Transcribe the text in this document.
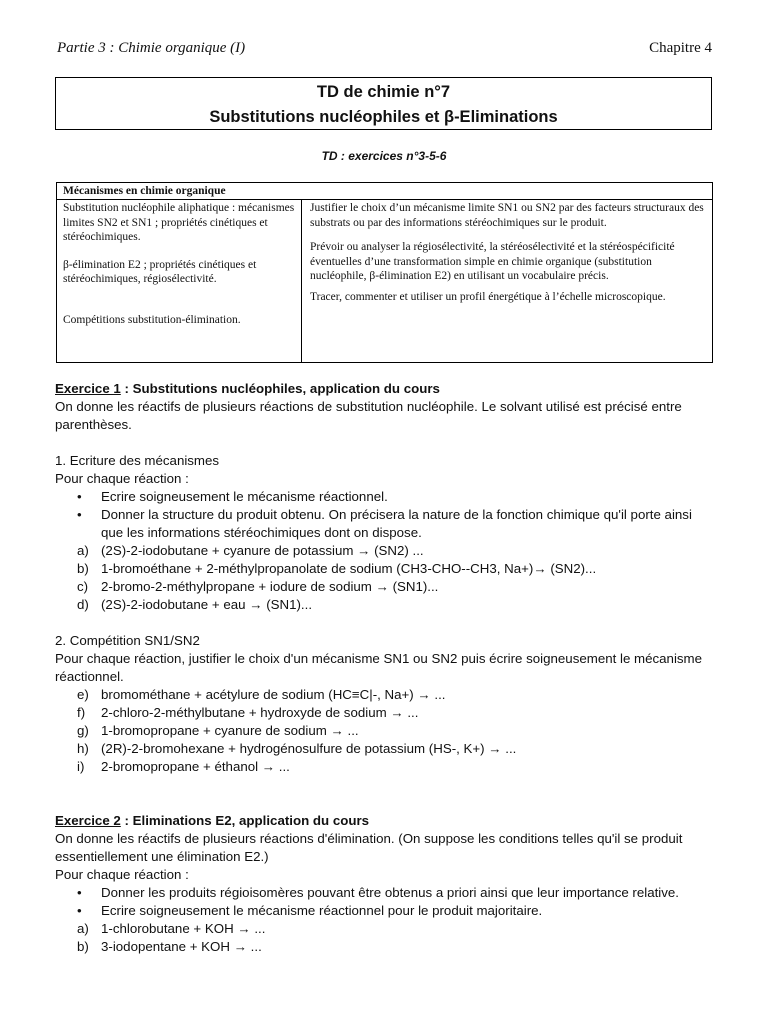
Partie 3 : Chimie organique (I)	Chapitre 4
TD de chimie n°7
Substitutions nucléophiles et β-Eliminations
TD : exercices n°3-5-6
Mécanismes en chimie organique

Substitution nucléophile aliphatique : mécanismes limites SN2 et SN1 ; propriétés cinétiques et stéréochimiques.

β-élimination E2 ; propriétés cinétiques et stéréochimiques, régiosélectivité.

Compétitions substitution-élimination.

Justifier le choix d’un mécanisme limite SN1 ou SN2 par des facteurs structuraux des substrats ou par des informations stéréochimiques sur le produit.

Prévoir ou analyser la régiosélectivité, la stéréosélectivité et la stéréospécificité éventuelles d’une transformation simple en chimie organique (substitution nucléophile, β-élimination E2) en utilisant un vocabulaire précis.

Tracer, commenter et utiliser un profil énergétique à l’échelle microscopique.

Exercice 1 : Substitutions nucléophiles, application du cours

On donne les réactifs de plusieurs réactions de substitution nucléophile. Le solvant utilisé est précisé entre parenthèses.

1. Ecriture des mécanismes

Pour chaque réaction :

• Ecrire soigneusement le mécanisme réactionnel.
• Donner la structure du produit obtenu. On précisera la nature de la fonction chimique qu'il porte ainsi que les informations stéréochimiques dont on dispose.
a) (2S)-2-iodobutane + cyanure de potassium → (SN2) ...
b) 1-bromoéthane + 2-méthylpropanolate de sodium (CH3-CHO--CH3, Na+)→ (SN2)...
c) 2-bromo-2-méthylpropane + iodure de sodium → (SN1)...
d) (2S)-2-iodobutane + eau → (SN1)...

2. Compétition SN1/SN2

Pour chaque réaction, justifier le choix d'un mécanisme SN1 ou SN2 puis écrire soigneusement le mécanisme réactionnel.

e) bromométhane + acétylure de sodium (HC≡C|-, Na+) → ...
f) 2-chloro-2-méthylbutane + hydroxyde de sodium → ...
g) 1-bromopropane + cyanure de sodium → ...
h) (2R)-2-bromohexane + hydrogénosulfure de potassium (HS-, K+) → ...
i) 2-bromopropane + éthanol → ...

Exercice 2 : Eliminations E2, application du cours

On donne les réactifs de plusieurs réactions d'élimination. (On suppose les conditions telles qu'il se produit essentiellement une élimination E2.)

Pour chaque réaction :

• Donner les produits régioisomères pouvant être obtenus a priori ainsi que leur importance relative.
• Ecrire soigneusement le mécanisme réactionnel pour le produit majoritaire.
a) 1-chlorobutane + KOH → ...
b) 3-iodopentane + KOH → ...
